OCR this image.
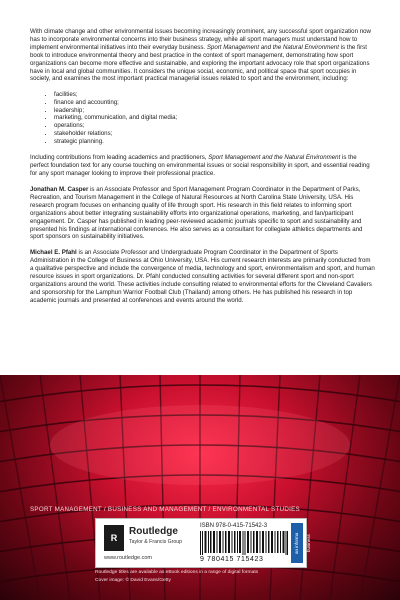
With climate change and other environmental issues becoming increasingly prominent, any successful sport organization now has to incorporate environmental concerns into their business strategy, while all sport managers must understand how to implement environmental initiatives into their everyday business. Sport Management and the Natural Environment is the first book to introduce environmental theory and best practice in the context of sport management, demonstrating how sport organizations can become more effective and sustainable, and exploring the important advocacy role that sport organizations have in local and global communities. It considers the unique social, economic, and political space that sport occupies in society, and examines the most important practical managerial issues related to sport and the environment, including:

• facilities;
• finance and accounting;
• leadership;
• marketing, communication, and digital media;
• operations;
• stakeholder relations;
• strategic planning.

Including contributions from leading academics and practitioners, Sport Management and the Natural Environment is the perfect foundation text for any course touching on environmental issues or social responsibility in sport, and essential reading for any sport manager looking to improve their professional practice.

Jonathan M. Casper is an Associate Professor and Sport Management Program Coordinator in the Department of Parks, Recreation, and Tourism Management in the College of Natural Resources at North Carolina State University, USA. His research program focuses on enhancing quality of life through sport. His research in this field relates to informing sport organizations about better integrating sustainability efforts into organizational operations, marketing, and fan/participant engagement. Dr. Casper has published in leading peer-reviewed academic journals specific to sport and sustainability and presented his findings at international conferences. He also serves as a consultant for collegiate athletics departments and sport sponsors on sustainability initiatives.

Michael E. Pfahl is an Associate Professor and Undergraduate Program Coordinator in the Department of Sports Administration in the College of Business at Ohio University, USA. His current research interests are primarily conducted from a qualitative perspective and include the convergence of media, technology and sport, environmentalism and sport, and human resource issues in sport organizations. Dr. Pfahl conducted consulting activities for several different sport and non-sport organizations around the world. These activities include consulting related to environmental efforts for the Cleveland Cavaliers and sponsorship for the Lamphun Warrior Football Club (Thailand) among others. He has published his research in top academic journals and presented at conferences and events around the world.

SPORT MANAGEMENT / BUSINESS AND MANAGEMENT / ENVIRONMENTAL STUDIES
R
Routledge
Taylor & Francis Group
www.routledge.com
ISBN 978-0-415-71542-3
9 780415 715423
an informa business
Routledge titles are available as eBook editions in a range of digital formats
Cover image: © David Evans/Getty
